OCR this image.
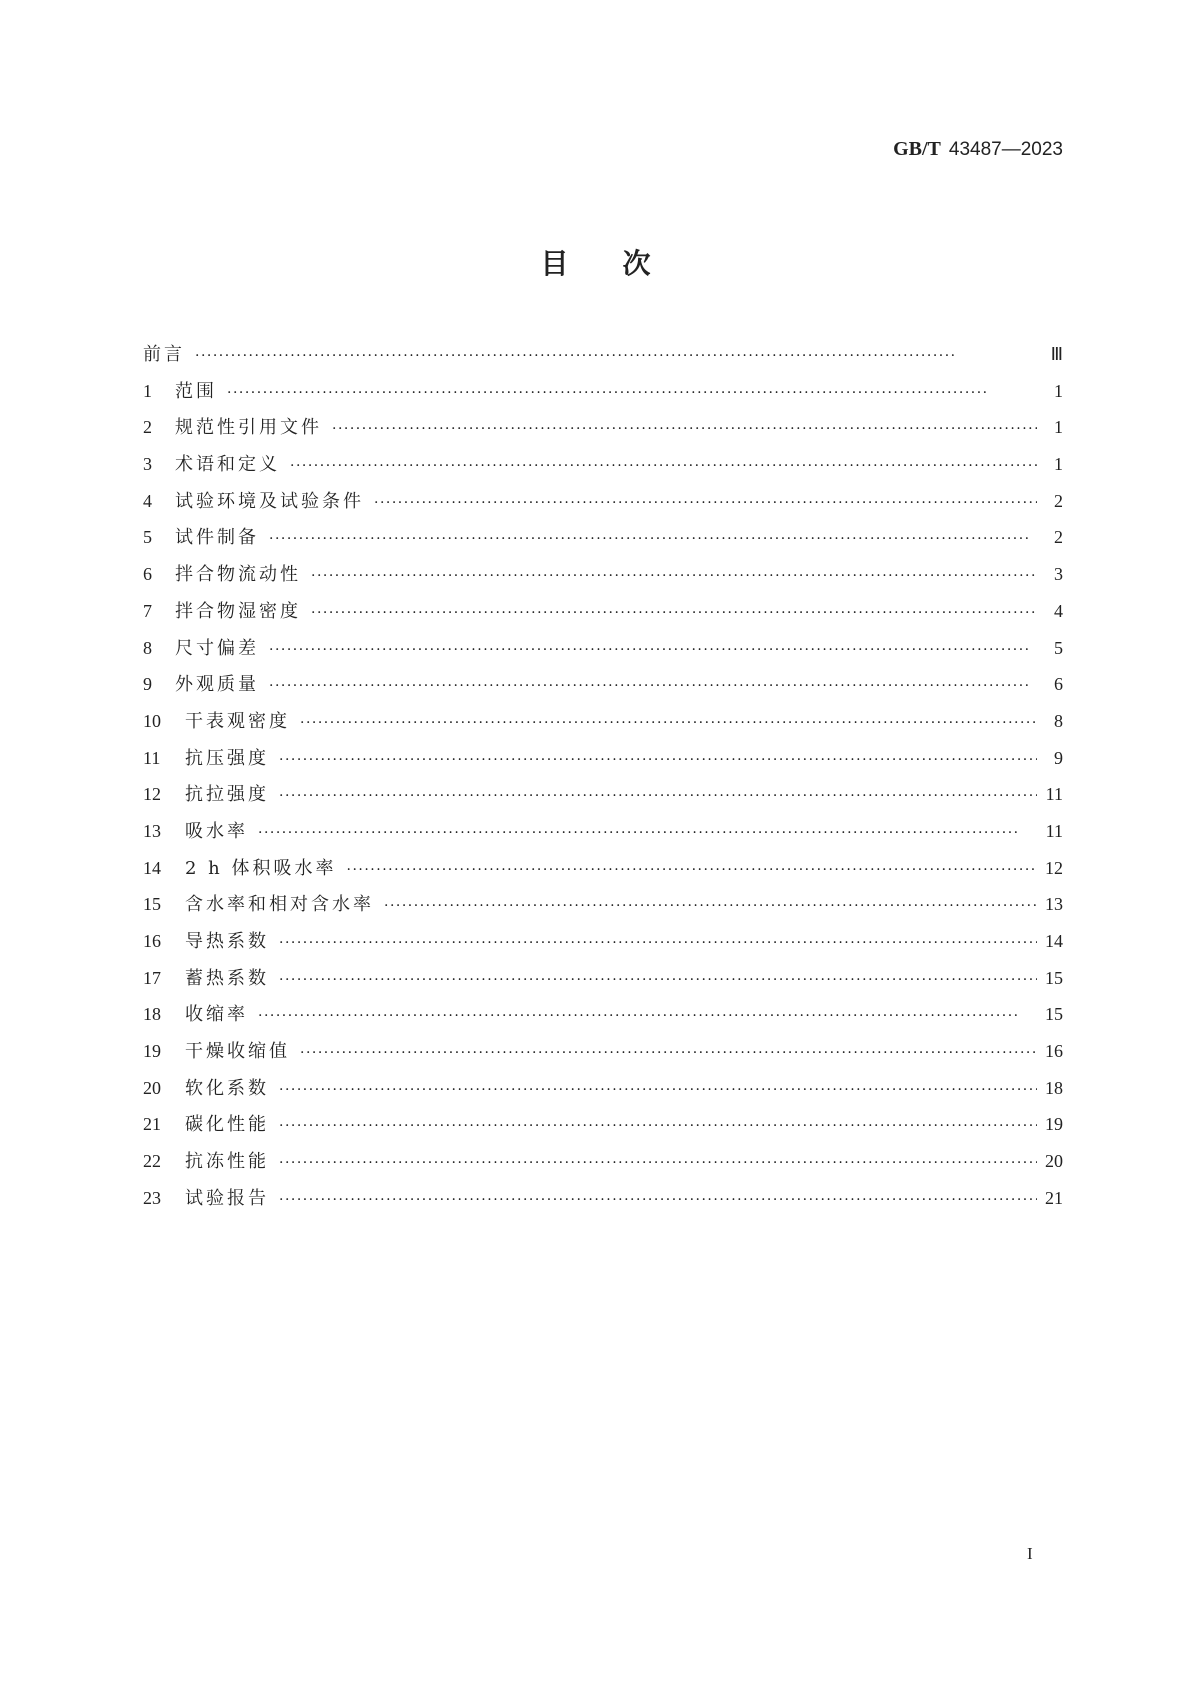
GB/T 43487—2023
目次
前言 ·····	Ⅲ
1	范围 ·····	1
2	规范性引用文件 ·····	1
3	术语和定义 ·····	1
4	试验环境及试验条件 ·····	2
5	试件制备 ·····	2
6	拌合物流动性 ·····	3
7	拌合物湿密度 ·····	4
8	尺寸偏差 ·····	5
9	外观质量 ·····	6
10	干表观密度 ·····	8
11	抗压强度 ·····	9
12	抗拉强度 ·····	11
13	吸水率 ·····	11
14	2 h 体积吸水率 ·····	12
15	含水率和相对含水率 ·····	13
16	导热系数 ·····	14
17	蓄热系数 ·····	15
18	收缩率 ·····	15
19	干燥收缩值 ·····	16
20	软化系数 ·····	18
21	碳化性能 ·····	19
22	抗冻性能 ·····	20
23	试验报告 ·····	21
I
